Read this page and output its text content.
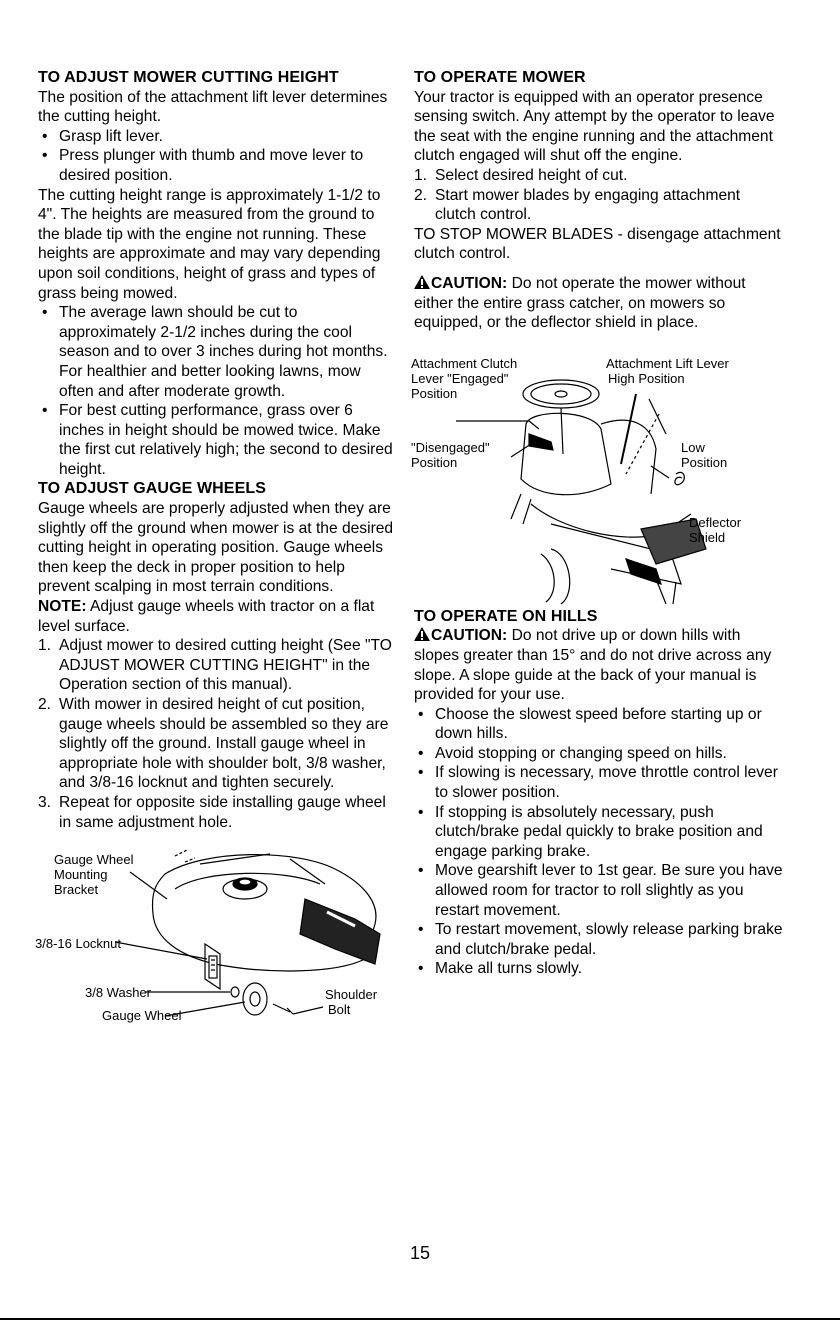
TO ADJUST MOWER CUTTING HEIGHT

The position of the attachment lift lever determines the cutting height.

• Grasp lift lever.
• Press plunger with thumb and move lever to desired position.

The cutting height range is approximately 1-1/2 to 4". The heights are measured from the ground to the blade tip with the engine not running. These heights are approximate and may vary depending upon soil conditions, height of grass and types of grass being mowed.

• The average lawn should be cut to approximately 2-1/2 inches during the cool season and to over 3 inches during hot months. For healthier and better looking lawns, mow often and after moderate growth.
• For best cutting performance, grass over 6 inches in height should be mowed twice. Make the first cut relatively high; the second to desired height.

TO ADJUST GAUGE WHEELS

Gauge wheels are properly adjusted when they are slightly off the ground when mower is at the desired cutting height in operating position. Gauge wheels then keep the deck in proper position to help prevent scalping in most terrain conditions.

NOTE: Adjust gauge wheels with tractor on a flat level surface.

1. Adjust mower to desired cutting height (See "TO ADJUST MOWER CUTTING HEIGHT" in the Operation section of this manual).
2. With mower in desired height of cut position, gauge wheels should be assembled so they are slightly off the ground. Install gauge wheel in appropriate hole with shoulder bolt, 3/8 washer, and 3/8-16 locknut and tighten securely.
3. Repeat for opposite side installing gauge wheel in same adjustment hole.
Gauge Wheel
Mounting
Bracket
3/8-16 Locknut
3/8 Washer
Gauge Wheel
Shoulder
Bolt

TO OPERATE MOWER

Your tractor is equipped with an operator presence sensing switch. Any attempt by the operator to leave the seat with the engine running and the attachment clutch engaged will shut off the engine.

1. Select desired height of cut.
2. Start mower blades by engaging attachment clutch control.

TO STOP MOWER BLADES - disengage attachment clutch control.

CAUTION: Do not operate the mower without either the entire grass catcher, on mowers so equipped, or the deflector shield in place.

Attachment Clutch
Lever "Engaged"
Position
Attachment Lift Lever
High Position
"Disengaged"
Position
Low
Position
Deflector
Shield

TO OPERATE ON HILLS

CAUTION: Do not drive up or down hills with slopes greater than 15° and do not drive across any slope. A slope guide at the back of your manual is provided for your use.

• Choose the slowest speed before starting up or down hills.
• Avoid stopping or changing speed on hills.
• If slowing is necessary, move throttle control lever to slower position.
• If stopping is absolutely necessary, push clutch/brake pedal quickly to brake position and engage parking brake.
• Move gearshift lever to 1st gear. Be sure you have allowed room for tractor to roll slightly as you restart movement.
• To restart movement, slowly release parking brake and clutch/brake pedal.
• Make all turns slowly.
15
